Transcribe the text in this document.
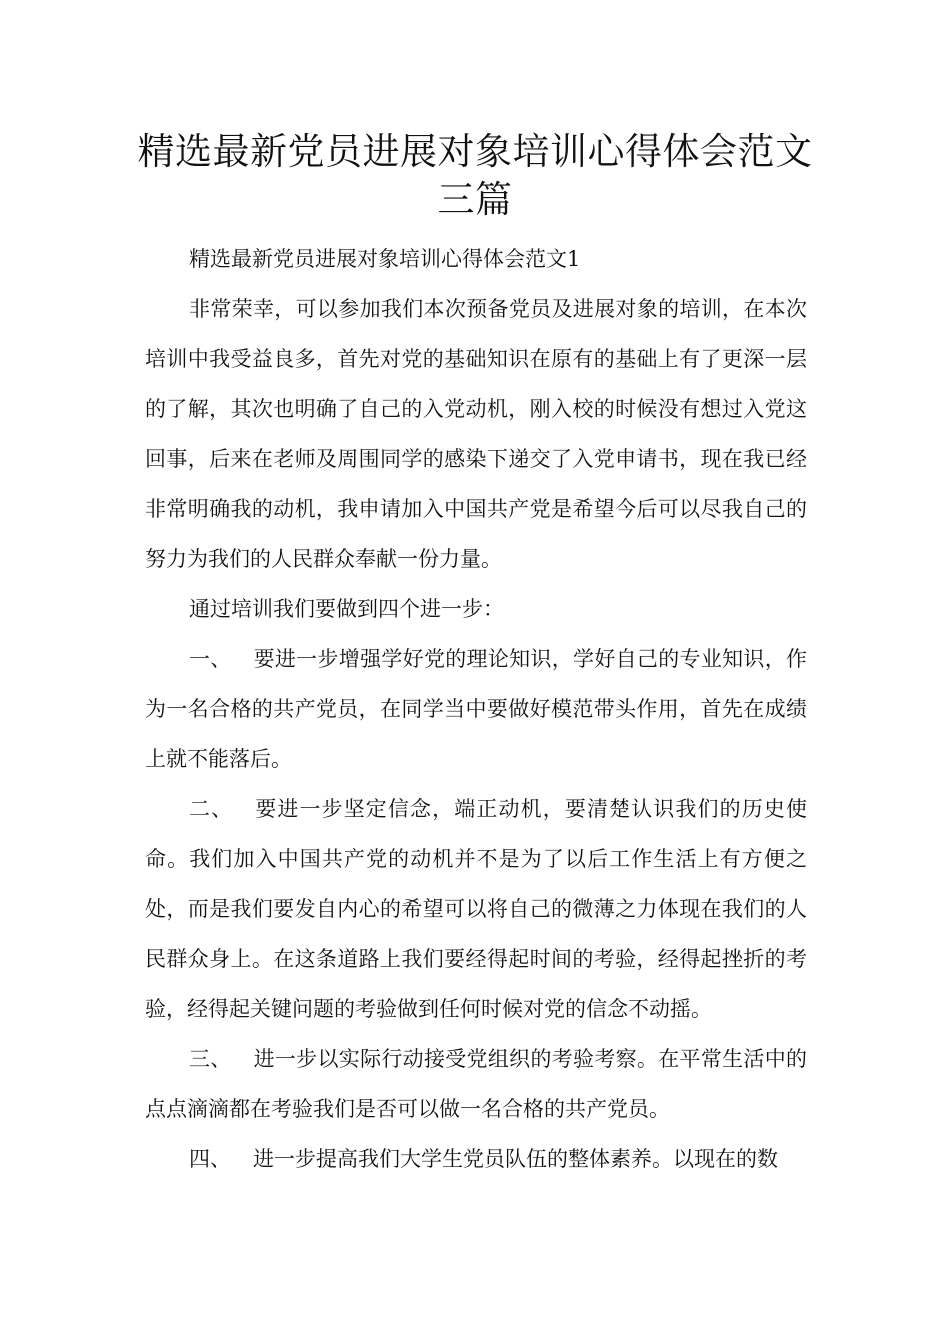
精选最新党员进展对象培训心得体会范文三篇

精选最新党员进展对象培训心得体会范文1

非常荣幸，可以参加我们本次预备党员及进展对象的培训，在本次培训中我受益良多，首先对党的基础知识在原有的基础上有了更深一层的了解，其次也明确了自己的入党动机，刚入校的时候没有想过入党这回事，后来在老师及周围同学的感染下递交了入党申请书，现在我已经非常明确我的动机，我申请加入中国共产党是希望今后可以尽我自己的努力为我们的人民群众奉献一份力量。

通过培训我们要做到四个进一步：

一、 要进一步增强学好党的理论知识，学好自己的专业知识，作为一名合格的共产党员，在同学当中要做好模范带头作用，首先在成绩上就不能落后。

二、 要进一步坚定信念，端正动机，要清楚认识我们的历史使命。我们加入中国共产党的动机并不是为了以后工作生活上有方便之处，而是我们要发自内心的希望可以将自己的微薄之力体现在我们的人民群众身上。在这条道路上我们要经得起时间的考验，经得起挫折的考验，经得起关键问题的考验做到任何时候对党的信念不动摇。

三、 进一步以实际行动接受党组织的考验考察。在平常生活中的点点滴滴都在考验我们是否可以做一名合格的共产党员。

四、 进一步提高我们大学生党员队伍的整体素养。以现在的数
